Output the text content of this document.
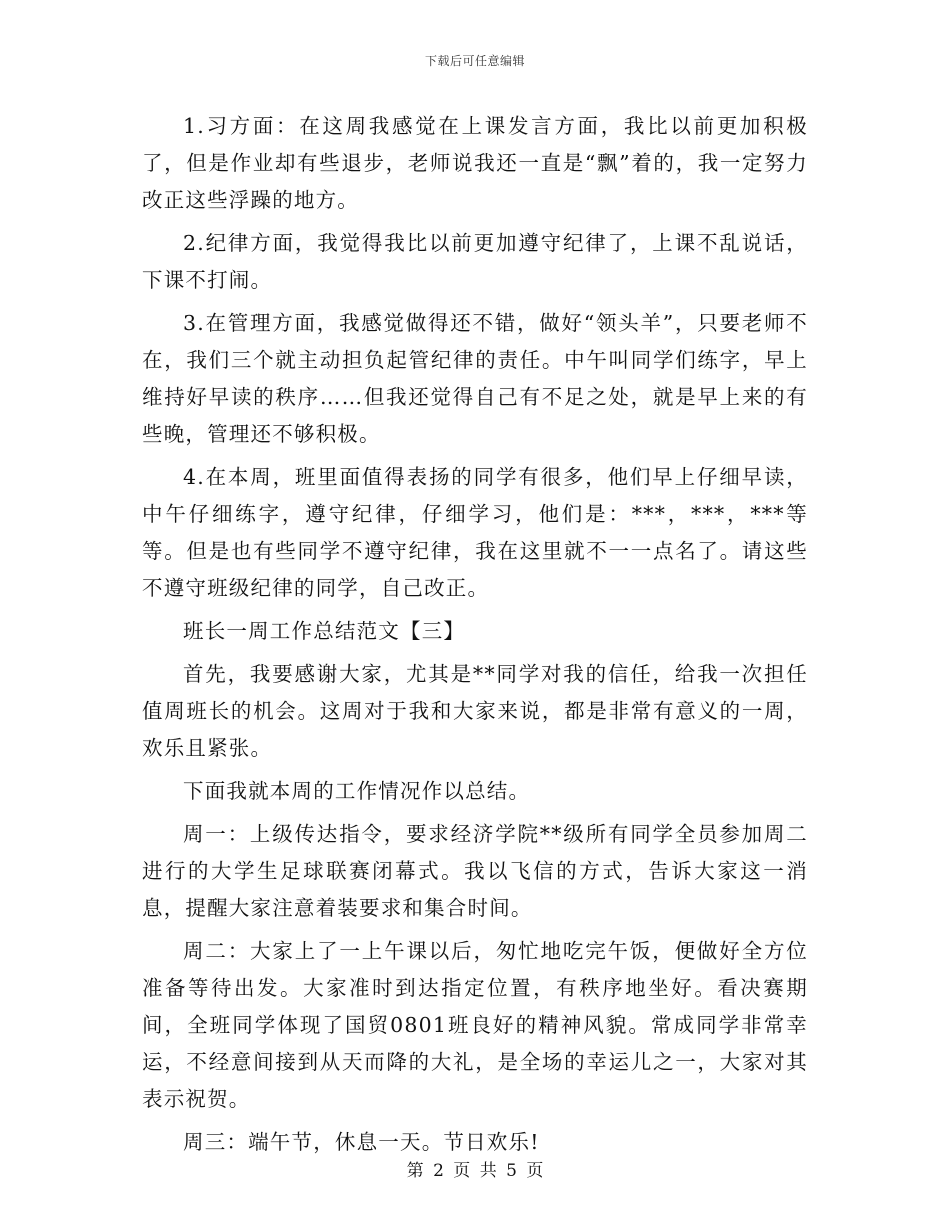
下载后可任意编辑

1.习方面：在这周我感觉在上课发言方面，我比以前更加积极了，但是作业却有些退步，老师说我还一直是“飘”着的，我一定努力改正这些浮躁的地方。

2.纪律方面，我觉得我比以前更加遵守纪律了，上课不乱说话，下课不打闹。

3.在管理方面，我感觉做得还不错，做好“领头羊”，只要老师不在，我们三个就主动担负起管纪律的责任。中午叫同学们练字，早上维持好早读的秩序……但我还觉得自己有不足之处，就是早上来的有些晚，管理还不够积极。

4.在本周，班里面值得表扬的同学有很多，他们早上仔细早读，中午仔细练字，遵守纪律，仔细学习，他们是：***，***，***等等。但是也有些同学不遵守纪律，我在这里就不一一点名了。请这些不遵守班级纪律的同学，自己改正。

班长一周工作总结范文【三】

首先，我要感谢大家，尤其是**同学对我的信任，给我一次担任值周班长的机会。这周对于我和大家来说，都是非常有意义的一周，欢乐且紧张。

下面我就本周的工作情况作以总结。

周一：上级传达指令，要求经济学院**级所有同学全员参加周二进行的大学生足球联赛闭幕式。我以飞信的方式，告诉大家这一消息，提醒大家注意着装要求和集合时间。

周二：大家上了一上午课以后，匆忙地吃完午饭，便做好全方位准备等待出发。大家准时到达指定位置，有秩序地坐好。看决赛期间，全班同学体现了国贸0801班良好的精神风貌。常成同学非常幸运，不经意间接到从天而降的大礼，是全场的幸运儿之一，大家对其表示祝贺。

周三：端午节，休息一天。节日欢乐!

第 2 页 共 5 页
